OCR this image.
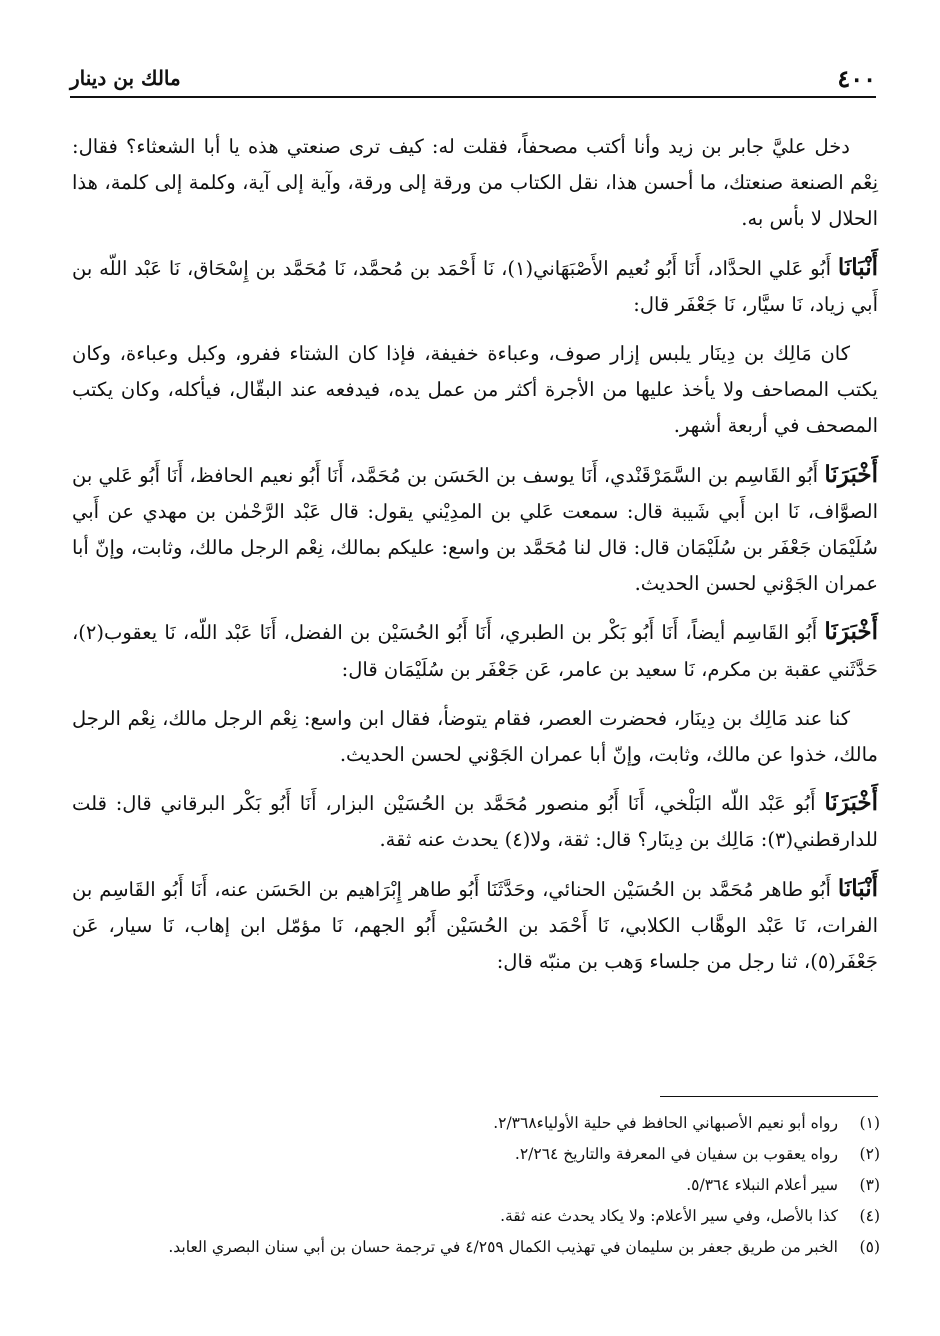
٤٠٠
مالك بن دينار

دخل عليَّ جابر بن زيد وأنا أكتب مصحفاً، فقلت له: كيف ترى صنعتي هذه يا أبا الشعثاء؟ فقال: نِعْم الصنعة صنعتك، ما أحسن هذا، نقل الكتاب من ورقة إلى ورقة، وآية إلى آية، وكلمة إلى كلمة، هذا الحلال لا بأس به.

أَنْبَانَا أَبُو عَلي الحدَّاد، أَنَا أَبُو نُعيم الأَصْبَهَاني(١)، نَا أَحْمَد بن مُحمَّد، نَا مُحَمَّد بن إِسْحَاق، نَا عَبْد اللّه بن أَبي زياد، نَا سيَّار، نَا جَعْفَر قال:

كان مَالِك بن دِينَار يلبس إزار صوف، وعباءة خفيفة، فإذا كان الشتاء ففرو، وكبل وعباءة، وكان يكتب المصاحف ولا يأخذ عليها من الأجرة أكثر من عمل يده، فيدفعه عند البقّال، فيأكله، وكان يكتب المصحف في أربعة أشهر.

أَخْبَرَنَا أَبُو القَاسِم بن السَّمَرْقَنْدي، أَنَا يوسف بن الحَسَن بن مُحَمَّد، أَنَا أَبُو نعيم الحافظ، أَنَا أَبُو عَلي بن الصوَّاف، نَا ابن أَبي شَيبة قال: سمعت عَلي بن المدِيْني يقول: قال عَبْد الرَّحْمٰن بن مهدي عن أَبي سُلَيْمَان جَعْفَر بن سُلَيْمَان قال: قال لنا مُحَمَّد بن واسع: عليكم بمالك، نِعْم الرجل مالك، وثابت، وإنّ أبا عمران الجَوْني لحسن الحديث.

أَخْبَرَنَا أَبُو القَاسِم أيضاً، أَنَا أَبُو بَكْر بن الطبري، أَنَا أَبُو الحُسَيْن بن الفضل، أَنَا عَبْد اللّه، نَا يعقوب(٢)، حَدَّثَني عقبة بن مكرم، نَا سعيد بن عامر، عَن جَعْفَر بن سُلَيْمَان قال:

كنا عند مَالِك بن دِينَار، فحضرت العصر، فقام يتوضأ، فقال ابن واسع: نِعْم الرجل مالك، نِعْم الرجل مالك، خذوا عن مالك، وثابت، وإنّ أبا عمران الجَوْني لحسن الحديث.

أَخْبَرَنَا أَبُو عَبْد اللّه البَلْخي، أَنَا أَبُو منصور مُحَمَّد بن الحُسَيْن البزار، أَنَا أَبُو بَكْر البرقاني قال: قلت للدارقطني(٣): مَالِك بن دِينَار؟ قال: ثقة، ولا(٤) يحدث عنه ثقة.

أَنْبَانَا أَبُو طاهر مُحَمَّد بن الحُسَيْن الحنائي، وحَدَّثَنَا أَبُو طاهر إِبْرَاهيم بن الحَسَن عنه، أَنَا أَبُو القَاسِم بن الفرات، نَا عَبْد الوهَّاب الكلابي، نَا أَحْمَد بن الحُسَيْن أَبُو الجهم، نَا مؤمّل ابن إهاب، نَا سيار، عَن جَعْفَر(٥)، ثنا رجل من جلساء وَهب بن منبّه قال:

(١)
رواه أبو نعيم الأصبهاني الحافظ في حلية الأولياء٢/٣٦٨.
(٢)
رواه يعقوب بن سفيان في المعرفة والتاريخ ٢/٢٦٤.
(٣)
سير أعلام النبلاء ٥/٣٦٤.
(٤)
كذا بالأصل، وفي سير الأعلام: ولا يكاد يحدث عنه ثقة.
(٥)
الخبر من طريق جعفر بن سليمان في تهذيب الكمال ٤/٢٥٩ في ترجمة حسان بن أبي سنان البصري العابد.
